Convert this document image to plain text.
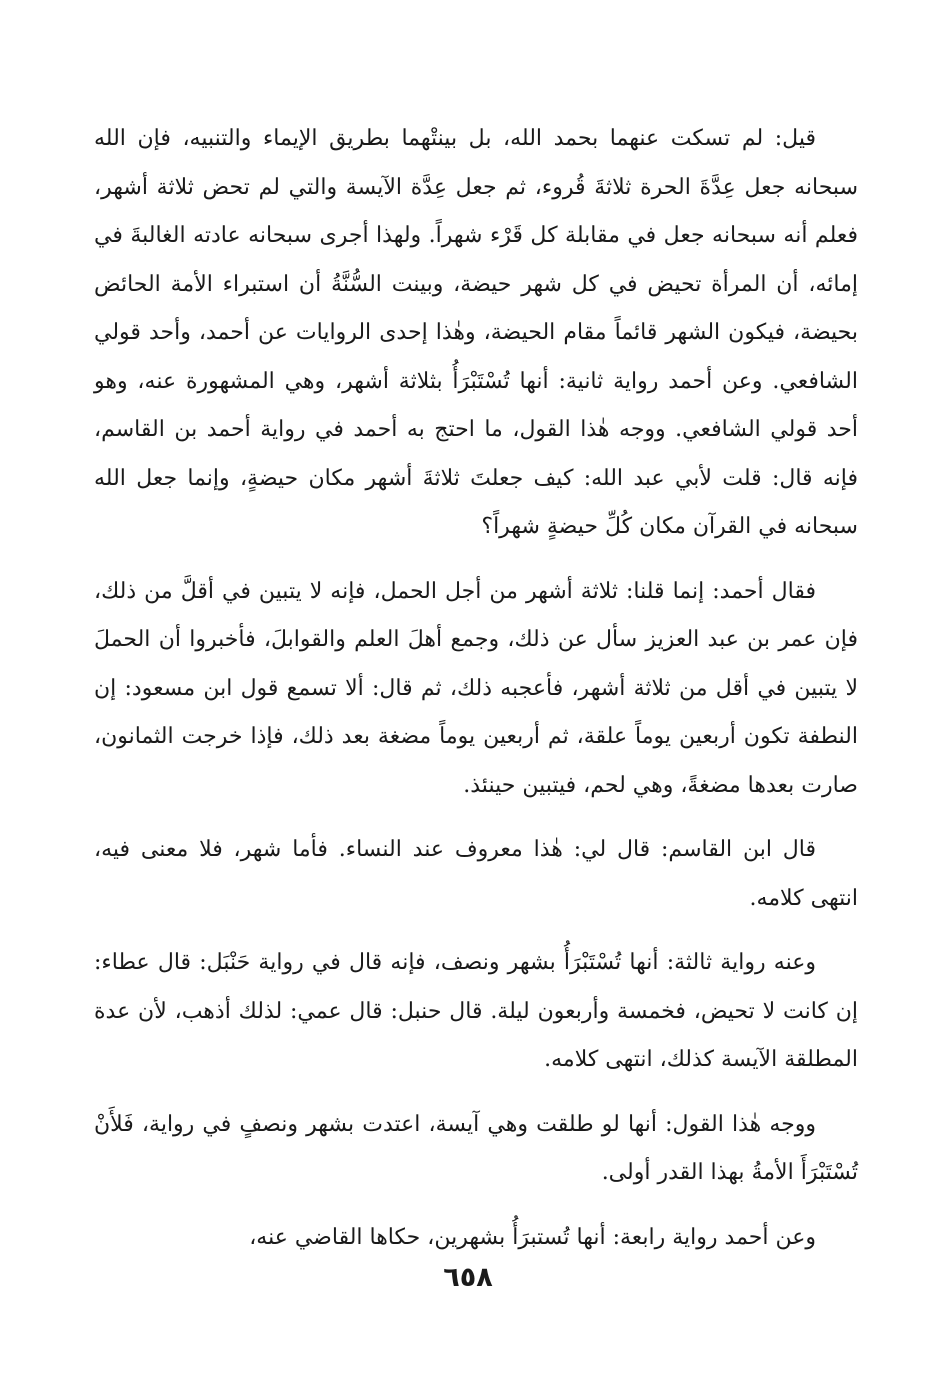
قيل: لم تسكت عنهما بحمد الله، بل بينتْهما بطريق الإيماء والتنبيه، فإن الله سبحانه جعل عِدَّةَ الحرة ثلاثةَ قُروء، ثم جعل عِدَّة الآيسة والتي لم تحض ثلاثة أشهر، فعلم أنه سبحانه جعل في مقابلة كل قَرْء شهراً. ولهذا أجرى سبحانه عادته الغالبةَ في إمائه، أن المرأة تحيض في كل شهر حيضة، وبينت السُّنَّةُ أن استبراء الأمة الحائض بحيضة، فيكون الشهر قائماً مقام الحيضة، وهٰذا إحدى الروايات عن أحمد، وأحد قولي الشافعي. وعن أحمد رواية ثانية: أنها تُسْتَبْرَأُ بثلاثة أشهر، وهي المشهورة عنه، وهو أحد قولي الشافعي. ووجه هٰذا القول، ما احتج به أحمد في رواية أحمد بن القاسم، فإنه قال: قلت لأبي عبد الله: كيف جعلتَ ثلاثةَ أشهر مكان حيضةٍ، وإنما جعل الله سبحانه في القرآن مكان كُلِّ حيضةٍ شهراً؟

فقال أحمد: إنما قلنا: ثلاثة أشهر من أجل الحمل، فإنه لا يتبين في أقلَّ من ذلك، فإن عمر بن عبد العزيز سأل عن ذلك، وجمع أهلَ العلم والقوابلَ، فأخبروا أن الحملَ لا يتبين في أقل من ثلاثة أشهر، فأعجبه ذلك، ثم قال: ألا تسمع قول ابن مسعود: إن النطفة تكون أربعين يوماً علقة، ثم أربعين يوماً مضغة بعد ذلك، فإذا خرجت الثمانون، صارت بعدها مضغةً، وهي لحم، فيتبين حينئذ.

قال ابن القاسم: قال لي: هٰذا معروف عند النساء. فأما شهر، فلا معنى فيه، انتهى كلامه.

وعنه رواية ثالثة: أنها تُسْتَبْرَأُ بشهر ونصف، فإنه قال في رواية حَنْبَل: قال عطاء: إن كانت لا تحيض، فخمسة وأربعون ليلة. قال حنبل: قال عمي: لذلك أذهب، لأن عدة المطلقة الآيسة كذلك، انتهى كلامه.

ووجه هٰذا القول: أنها لو طلقت وهي آيسة، اعتدت بشهر ونصفٍ في رواية، فَلأَنْ تُسْتَبْرَأَ الأمةُ بهذا القدر أولى.

وعن أحمد رواية رابعة: أنها تُستبرَأُ بشهرين، حكاها القاضي عنه،

٦٥٨
